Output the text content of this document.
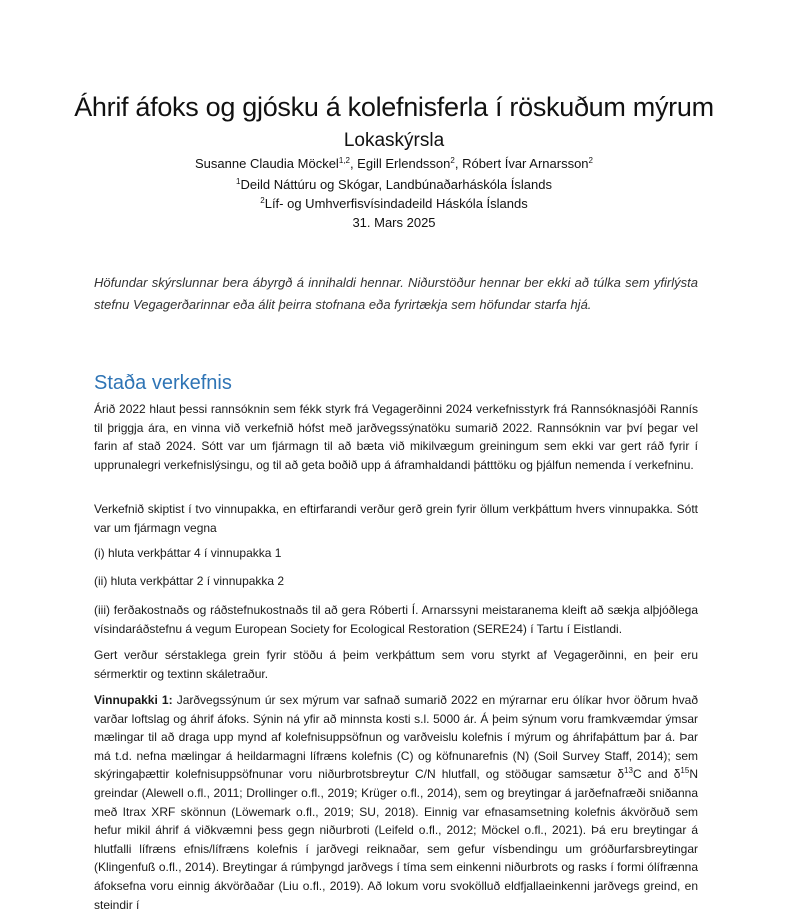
Áhrif áfoks og gjósku á kolefnisferla í röskuðum mýrum
Lokaskýrsla
Susanne Claudia Möckel$^{1,2}$, Egill Erlendsson$^2$, Róbert Ívar Arnarsson$^2$
$^1$Deild Náttúru og Skógar, Landbúnaðarháskóla Íslands
$^2$Líf- og Umhverfisvísindadeild Háskóla Íslands
31. Mars 2025
Höfundar skýrslunnar bera ábyrgð á innihaldi hennar. Niðurstöður hennar ber ekki að túlka sem yfirlýsta stefnu Vegagerðarinnar eða álit þeirra stofnana eða fyrirtækja sem höfundar starfa hjá.
Staða verkefnis
Árið 2022 hlaut þessi rannsóknin sem fékk styrk frá Vegagerðinni 2024 verkefnisstyrk frá Rannsóknasjóði Rannís til þriggja ára, en vinna við verkefnið hófst með jarðvegssýnatöku sumarið 2022. Rannsóknin var því þegar vel farin af stað 2024. Sótt var um fjármagn til að bæta við mikilvægum greiningum sem ekki var gert ráð fyrir í upprunalegri verkefnislýsingu, og til að geta boðið upp á áframhaldandi þátttöku og þjálfun nemenda í verkefninu.
Verkefnið skiptist í tvo vinnupakka, en eftirfarandi verður gerð grein fyrir öllum verkþáttum hvers vinnupakka. Sótt var um fjármagn vegna
(i) hluta verkþáttar 4 í vinnupakka 1
(ii) hluta verkþáttar 2 í vinnupakka 2
(iii) ferðakostnaðs og ráðstefnukostnaðs til að gera Róberti Í. Arnarssyni meistaranema kleift að sækja alþjóðlega vísindaráðstefnu á vegum European Society for Ecological Restoration (SERE24) í Tartu í Eistlandi.
Gert verður sérstaklega grein fyrir stöðu á þeim verkþáttum sem voru styrkt af Vegagerðinni, en þeir eru sérmerktir og textinn skáletraður.
Vinnupakki 1: Jarðvegssýnum úr sex mýrum var safnað sumarið 2022 en mýrarnar eru ólíkar hvor öðrum hvað varðar loftslag og áhrif áfoks. Sýnin ná yfir að minnsta kosti s.l. 5000 ár. Á þeim sýnum voru framkvæmdar ýmsar mælingar til að draga upp mynd af kolefnisuppsöfnun og varðveislu kolefnis í mýrum og áhrifaþáttum þar á. Þar má t.d. nefna mælingar á heildarmagni lífræns kolefnis (C) og köfnunarefnis (N) (Soil Survey Staff, 2014); sem skýringaþættir kolefnisuppsöfnunar voru niðurbrotsbreytur C/N hlutfall, og stöðugar samsætur $\delta^{13}C$ and $\delta^{15}N$ greindar (Alewell o.fl., 2011; Drollinger o.fl., 2019; Krüger o.fl., 2014), sem og breytingar á jarðefnafræði sniðanna með Itrax XRF skönnun (Löwemark o.fl., 2019; SU, 2018). Einnig var efnasamsetning kolefnis ákvörðuð sem hefur mikil áhrif á viðkvæmni þess gegn niðurbroti (Leifeld o.fl., 2012; Möckel o.fl., 2021). Þá eru breytingar á hlutfalli lífræns efnis/lífræns kolefnis í jarðvegi reiknaðar, sem gefur vísbendingu um gróðurfarsbreytingar (Klingenfuß o.fl., 2014). Breytingar á rúmþyngd jarðvegs í tíma sem einkenni niðurbrots og rasks í formi ólífrænna áfoksefna voru einnig ákvörðaðar (Liu o.fl., 2019). Að lokum voru svokölluð eldfjallaeinkenni jarðvegs greind, en steindir í
